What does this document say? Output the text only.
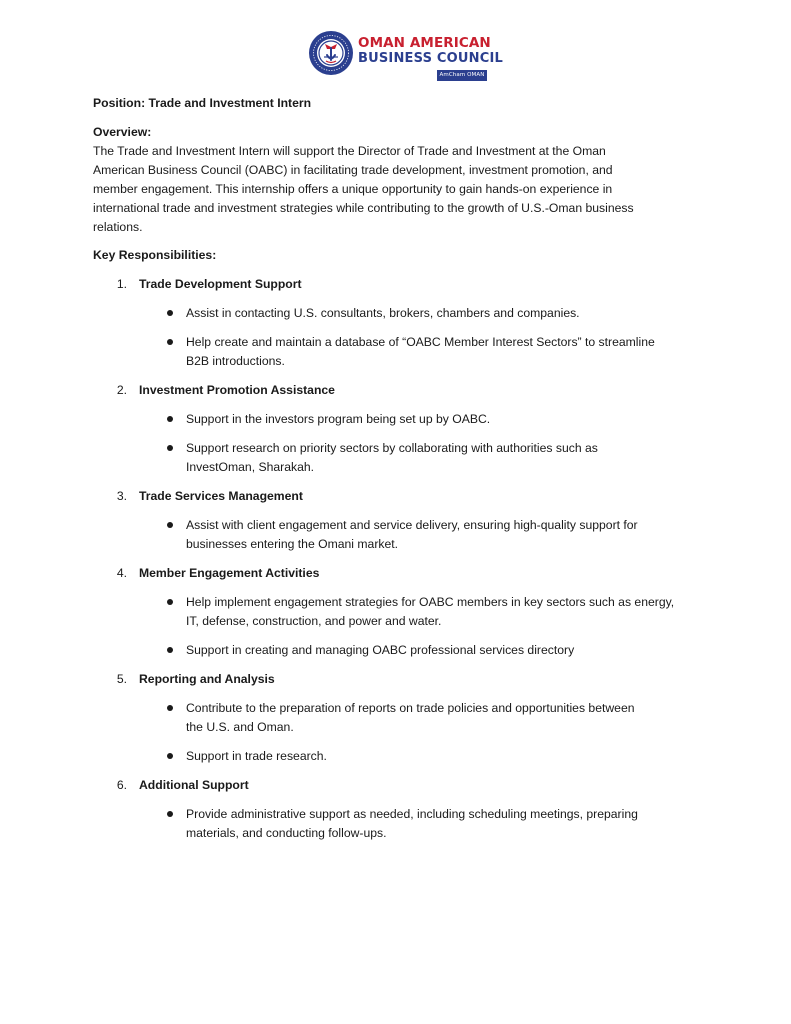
OMAN AMERICAN
BUSINESS COUNCIL
AmCham OMAN
Position: Trade and Investment Intern
Overview:
The Trade and Investment Intern will support the Director of Trade and Investment at the Oman
American Business Council (OABC) in facilitating trade development, investment promotion, and
member engagement. This internship offers a unique opportunity to gain hands-on experience in
international trade and investment strategies while contributing to the growth of U.S.-Oman business
relations.
Key Responsibilities:
1. Trade Development Support
Assist in contacting U.S. consultants, brokers, chambers and companies.
Help create and maintain a database of “OABC Member Interest Sectors” to streamline
B2B introductions.
2. Investment Promotion Assistance
Support in the investors program being set up by OABC.
Support research on priority sectors by collaborating with authorities such as
InvestOman, Sharakah.
3. Trade Services Management
Assist with client engagement and service delivery, ensuring high-quality support for
businesses entering the Omani market.
4. Member Engagement Activities
Help implement engagement strategies for OABC members in key sectors such as energy,
IT, defense, construction, and power and water.
Support in creating and managing OABC professional services directory
5. Reporting and Analysis
Contribute to the preparation of reports on trade policies and opportunities between
the U.S. and Oman.
Support in trade research.
6. Additional Support
Provide administrative support as needed, including scheduling meetings, preparing
materials, and conducting follow-ups.
